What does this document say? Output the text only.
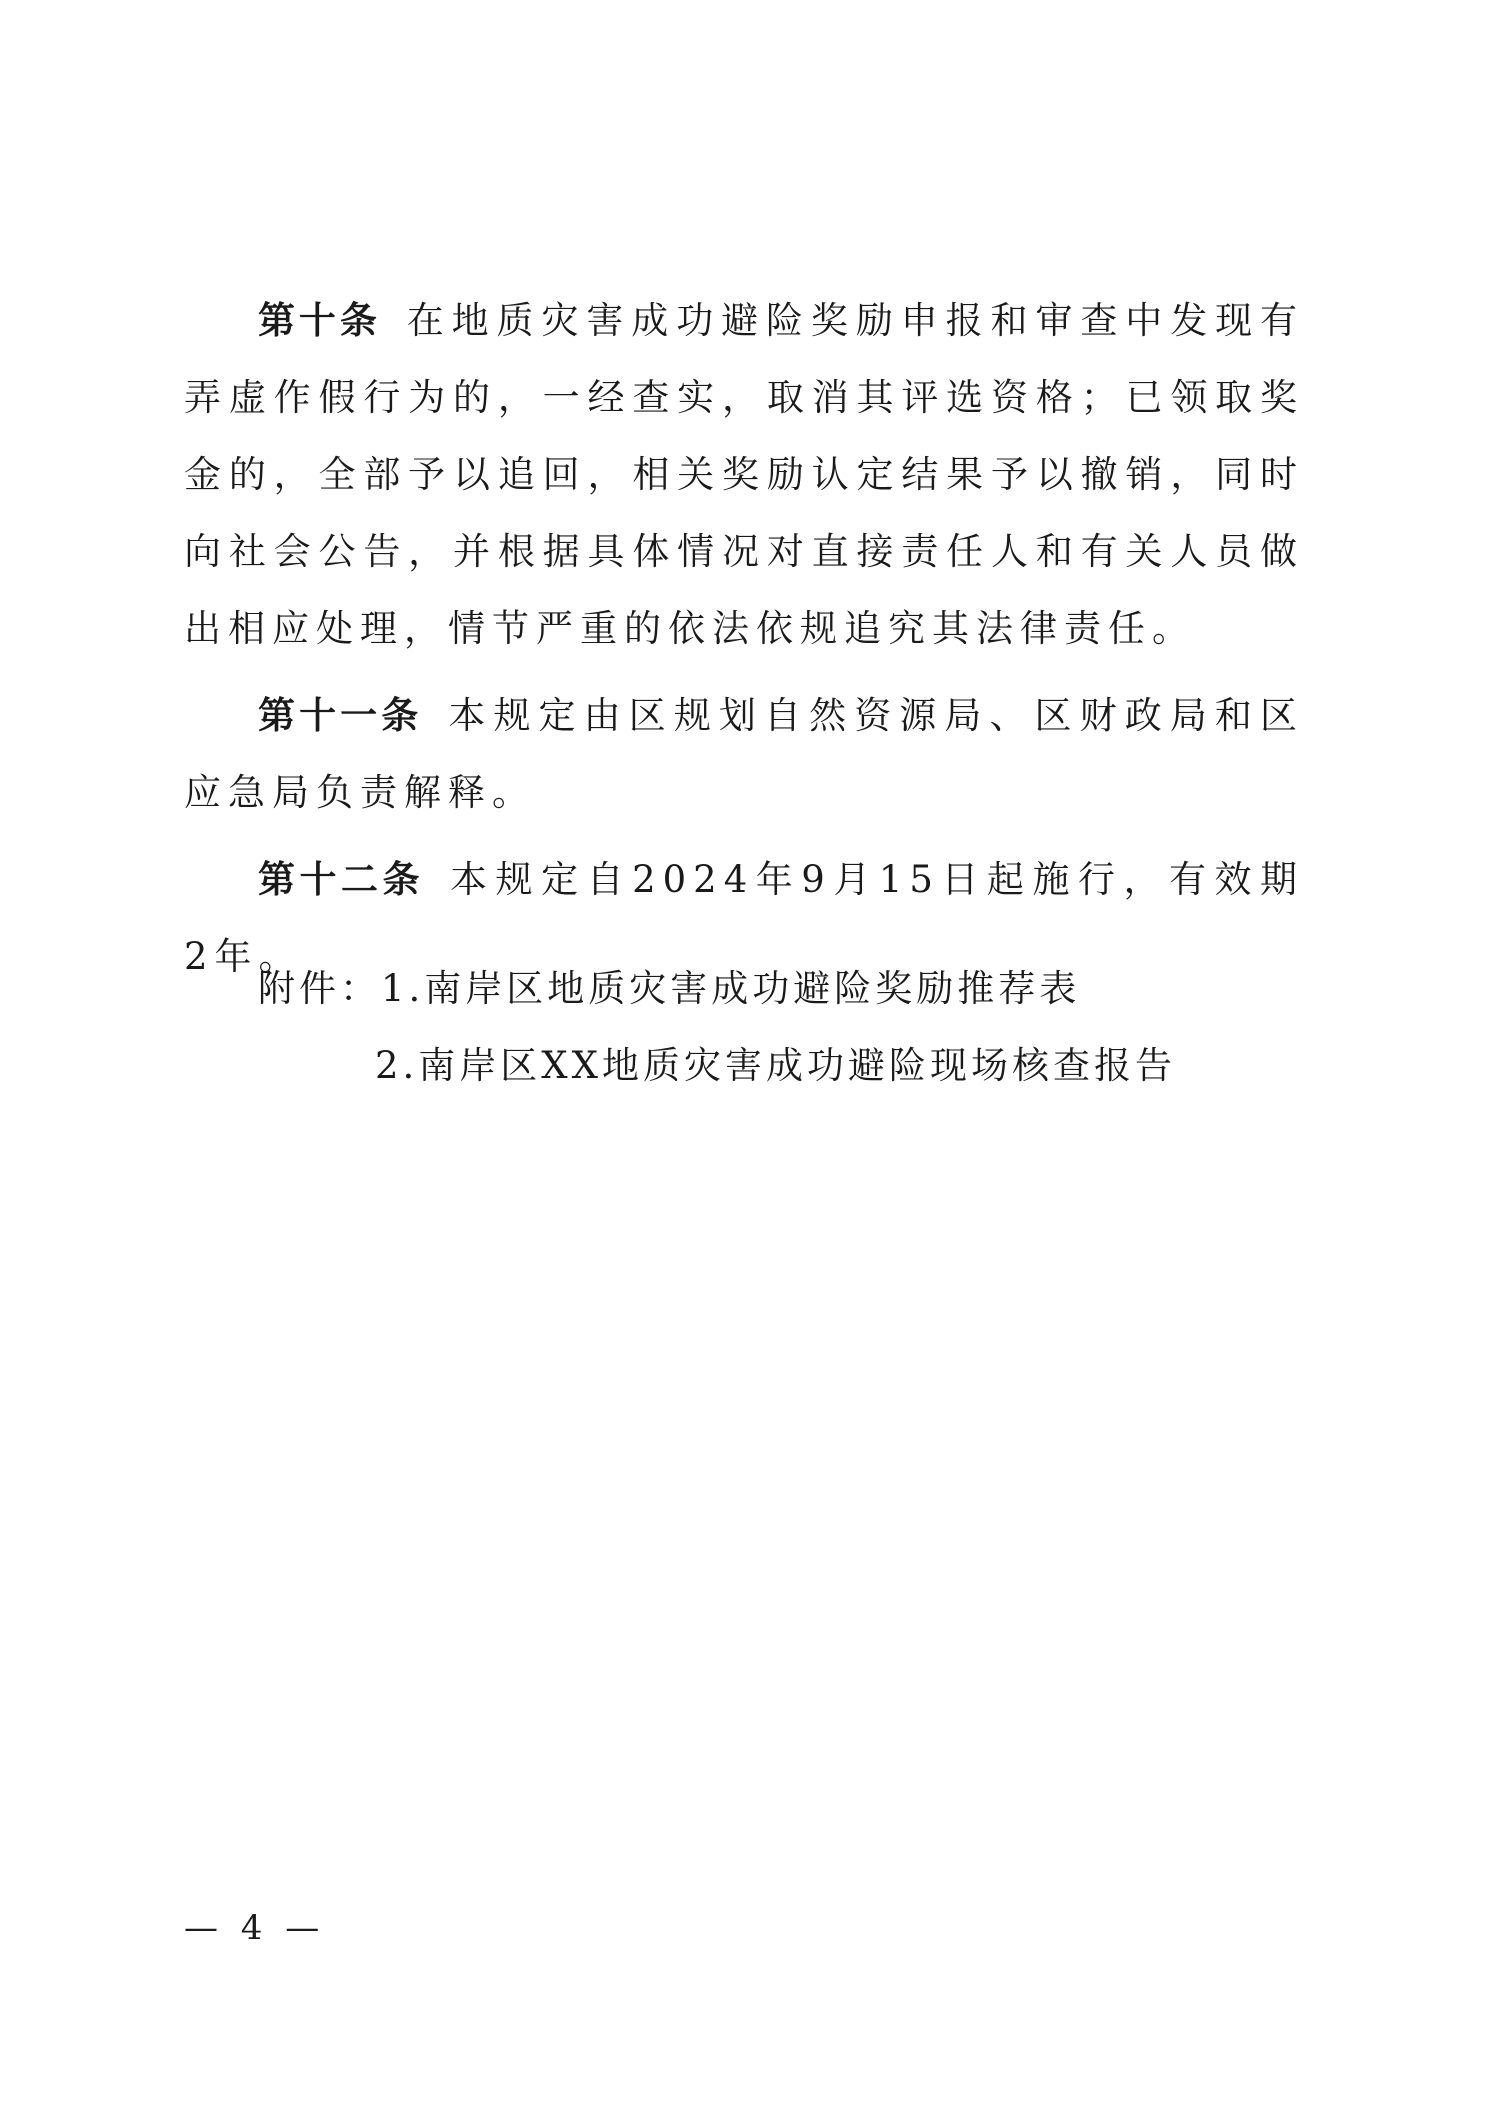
第十条 在地质灾害成功避险奖励申报和审查中发现有弄虚作假行为的，一经查实，取消其评选资格；已领取奖金的，全部予以追回，相关奖励认定结果予以撤销，同时向社会公告，并根据具体情况对直接责任人和有关人员做出相应处理，情节严重的依法依规追究其法律责任。

第十一条 本规定由区规划自然资源局、区财政局和区应急局负责解释。

第十二条 本规定自2024年9月15日起施行，有效期2年。

附件：1.南岸区地质灾害成功避险奖励推荐表
2.南岸区XX地质灾害成功避险现场核查报告
— 4 —
